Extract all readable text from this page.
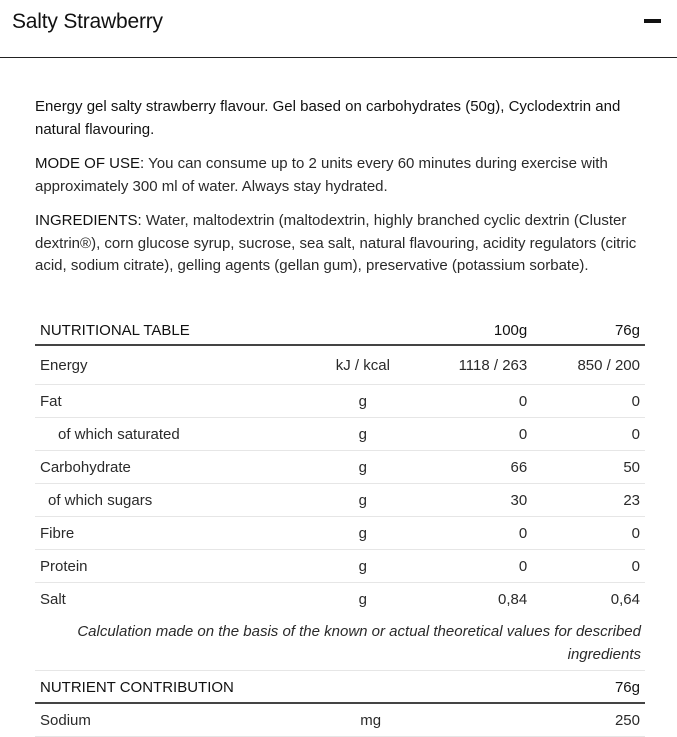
Salty Strawberry
Energy gel salty strawberry flavour. Gel based on carbohydrates (50g), Cyclodextrin and natural flavouring.
MODE OF USE: You can consume up to 2 units every 60 minutes during exercise with approximately 300 ml of water. Always stay hydrated.
INGREDIENTS: Water, maltodextrin (maltodextrin, highly branched cyclic dextrin (Cluster dextrin®), corn glucose syrup, sucrose, sea salt, natural flavouring, acidity regulators (citric acid, sodium citrate), gelling agents (gellan gum), preservative (potassium sorbate).
NUTRITIONAL TABLE		100g	76g
Energy	kJ / kcal	1118 / 263	850 / 200
Fat	g	0	0
of which saturated	g	0	0
Carbohydrate	g	66	50
of which sugars	g	30	23
Fibre	g	0	0
Protein	g	0	0
Salt	g	0,84	0,64
Calculation made on the basis of the known or actual theoretical values for described ingredients
NUTRIENT CONTRIBUTION		76g
Sodium	mg	250
